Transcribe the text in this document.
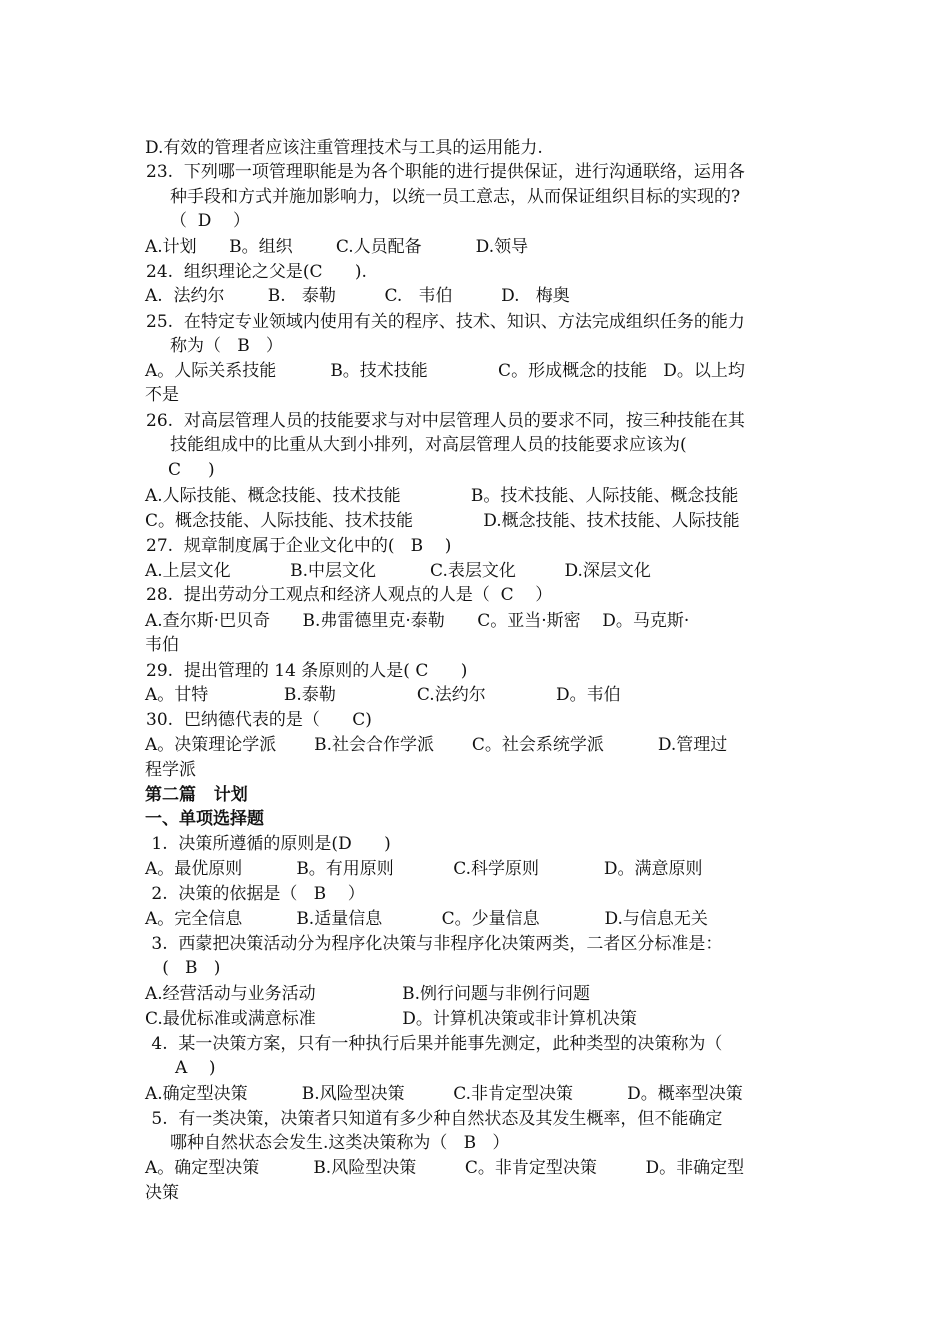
D.有效的管理者应该注重管理技术与工具的运用能力.
23.  下列哪一项管理职能是为各个职能的进行提供保证，进行沟通联络，运用各
种手段和方式并施加影响力，以统一员工意志，从而保证组织目标的实现的?
（  D    ）
A.计划      B。组织        C.人员配备          D.领导
24.  组织理论之父是(C      ).
A.  法约尔        B.   泰勒         C.   韦伯         D.   梅奥
25.  在特定专业领域内使用有关的程序、技术、知识、方法完成组织任务的能力
称为（   B   ）
A。人际关系技能          B。技术技能             C。形成概念的技能   D。以上均
不是
26.  对高层管理人员的技能要求与对中层管理人员的要求不同，按三种技能在其
技能组成中的比重从大到小排列，对高层管理人员的技能要求应该为(
C     )
A.人际技能、概念技能、技术技能             B。技术技能、人际技能、概念技能
C。概念技能、人际技能、技术技能             D.概念技能、技术技能、人际技能
27.  规章制度属于企业文化中的(   B    )
A.上层文化           B.中层文化          C.表层文化         D.深层文化
28.  提出劳动分工观点和经济人观点的人是（  C    ）
A.查尔斯·巴贝奇      B.弗雷德里克·泰勒      C。亚当·斯密    D。马克斯·
韦伯
29.  提出管理的 14 条原则的人是( C      )
A。甘特              B.泰勒               C.法约尔             D。韦伯
30.  巴纳德代表的是（      C)
A。决策理论学派       B.社会合作学派       C。社会系统学派          D.管理过
程学派
第二篇   计划
一、单项选择题
1.  决策所遵循的原则是(D      )
A。最优原则          B。有用原则           C.科学原则            D。满意原则
2.  决策的依据是（   B    ）
A。完全信息          B.适量信息           C。少量信息            D.与信息无关
3.  西蒙把决策活动分为程序化决策与非程序化决策两类，二者区分标准是：
(   B   )
A.经营活动与业务活动                B.例行问题与非例行问题
C.最优标准或满意标准                D。计算机决策或非计算机决策
4.  某一决策方案，只有一种执行后果并能事先测定，此种类型的决策称为（
A    )
A.确定型决策          B.风险型决策         C.非肯定型决策          D。概率型决策
5.  有一类决策，决策者只知道有多少种自然状态及其发生概率，但不能确定
哪种自然状态会发生.这类决策称为（   B   ）
A。确定型决策          B.风险型决策         C。非肯定型决策         D。非确定型
决策
